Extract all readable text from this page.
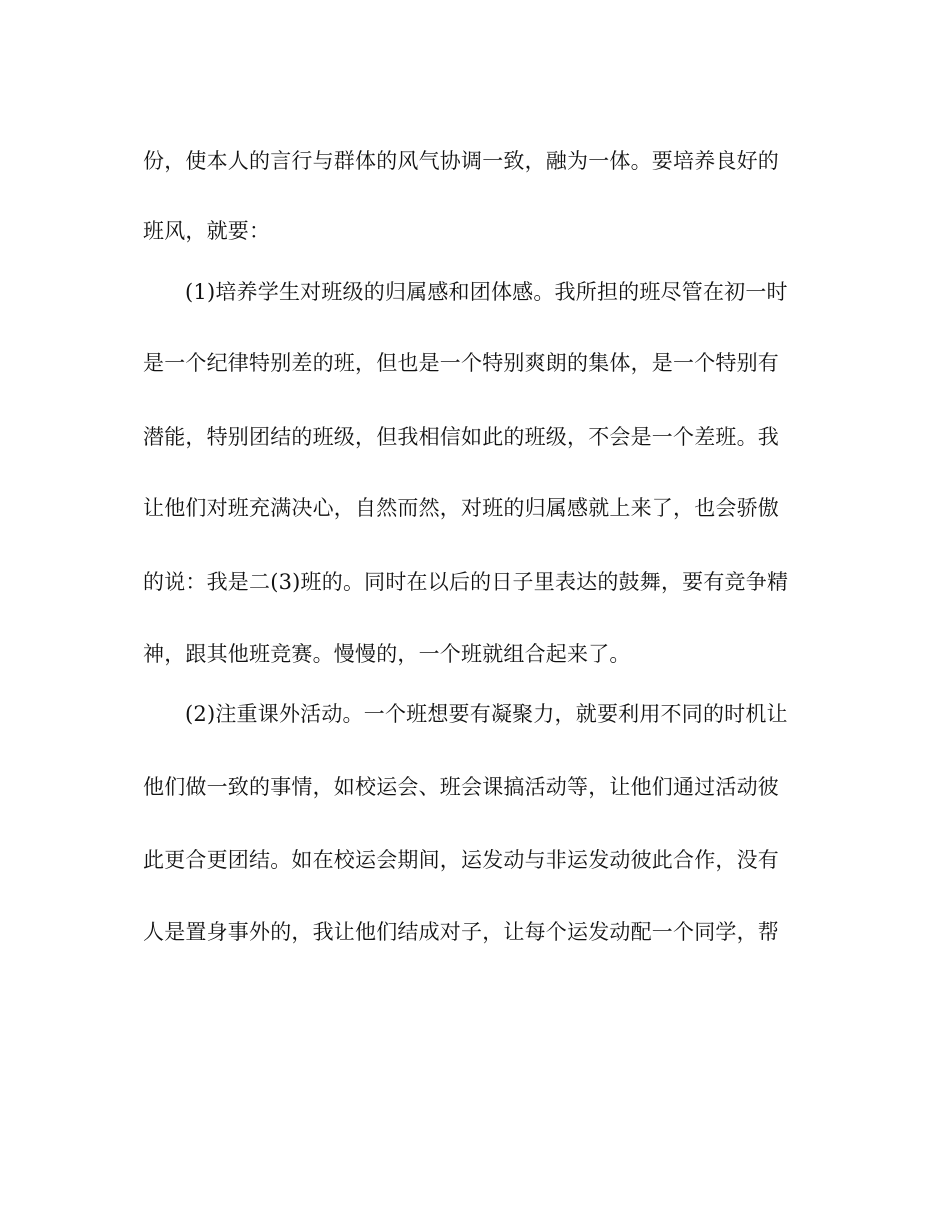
份，使本人的言行与群体的风气协调一致，融为一体。要培养良好的
班风，就要：
(1)培养学生对班级的归属感和团体感。我所担的班尽管在初一时
是一个纪律特别差的班，但也是一个特别爽朗的集体，是一个特别有
潜能，特别团结的班级，但我相信如此的班级，不会是一个差班。我
让他们对班充满决心，自然而然，对班的归属感就上来了，也会骄傲
的说：我是二(3)班的。同时在以后的日子里表达的鼓舞，要有竞争精
神，跟其他班竞赛。慢慢的，一个班就组合起来了。
(2)注重课外活动。一个班想要有凝聚力，就要利用不同的时机让
他们做一致的事情，如校运会、班会课搞活动等，让他们通过活动彼
此更合更团结。如在校运会期间，运发动与非运发动彼此合作，没有
人是置身事外的，我让他们结成对子，让每个运发动配一个同学，帮
